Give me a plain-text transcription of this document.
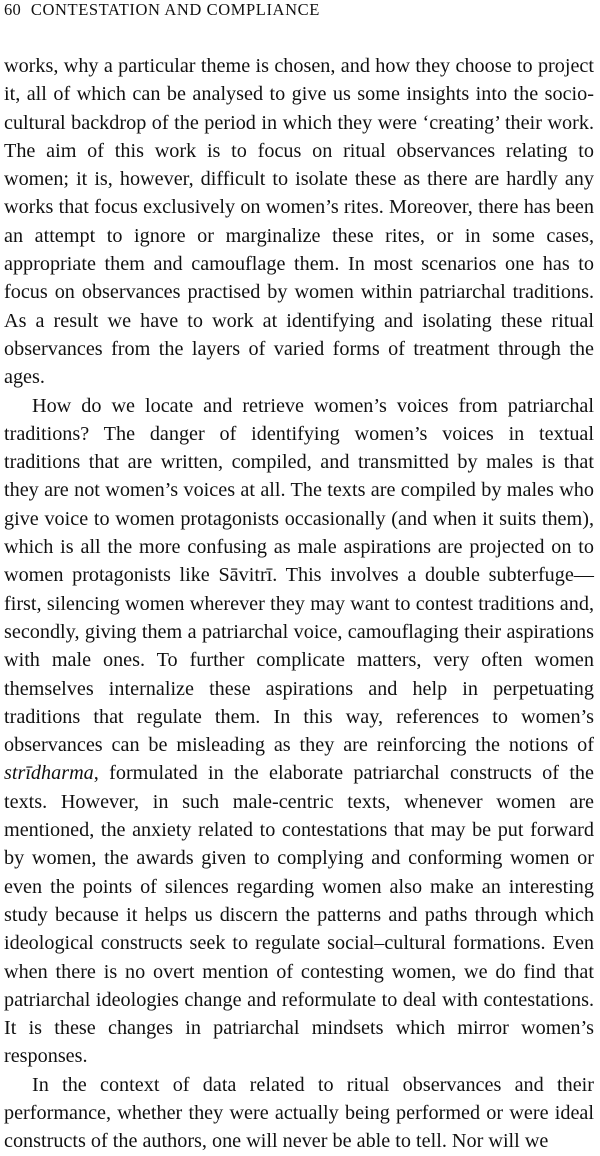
60 CONTESTATION AND COMPLIANCE

works, why a particular theme is chosen, and how they choose to project it, all of which can be analysed to give us some insights into the socio-cultural backdrop of the period in which they were ‘creating’ their work. The aim of this work is to focus on ritual observances relating to women; it is, however, difficult to isolate these as there are hardly any works that focus exclusively on women’s rites. Moreover, there has been an attempt to ignore or marginalize these rites, or in some cases, appropriate them and camouflage them. In most scenarios one has to focus on observances practised by women within patriarchal traditions. As a result we have to work at identifying and isolating these ritual observances from the layers of varied forms of treatment through the ages.

How do we locate and retrieve women’s voices from patriarchal traditions? The danger of identifying women’s voices in textual traditions that are written, compiled, and transmitted by males is that they are not women’s voices at all. The texts are compiled by males who give voice to women protagonists occasionally (and when it suits them), which is all the more confusing as male aspirations are projected on to women protagonists like Sāvitrī. This involves a double subterfuge—first, silencing women wherever they may want to contest traditions and, secondly, giving them a patriarchal voice, camouflaging their aspirations with male ones. To further complicate matters, very often women themselves internalize these aspirations and help in perpetuating traditions that regulate them. In this way, references to women’s observances can be misleading as they are reinforcing the notions of strīdharma, formulated in the elaborate patriarchal constructs of the texts. However, in such male-centric texts, whenever women are mentioned, the anxiety related to contestations that may be put forward by women, the awards given to complying and conforming women or even the points of silences regarding women also make an interesting study because it helps us discern the patterns and paths through which ideological constructs seek to regulate social–cultural formations. Even when there is no overt mention of contesting women, we do find that patriarchal ideologies change and reformulate to deal with contestations. It is these changes in patriarchal mindsets which mirror women’s responses.

In the context of data related to ritual observances and their performance, whether they were actually being performed or were ideal constructs of the authors, one will never be able to tell. Nor will we
